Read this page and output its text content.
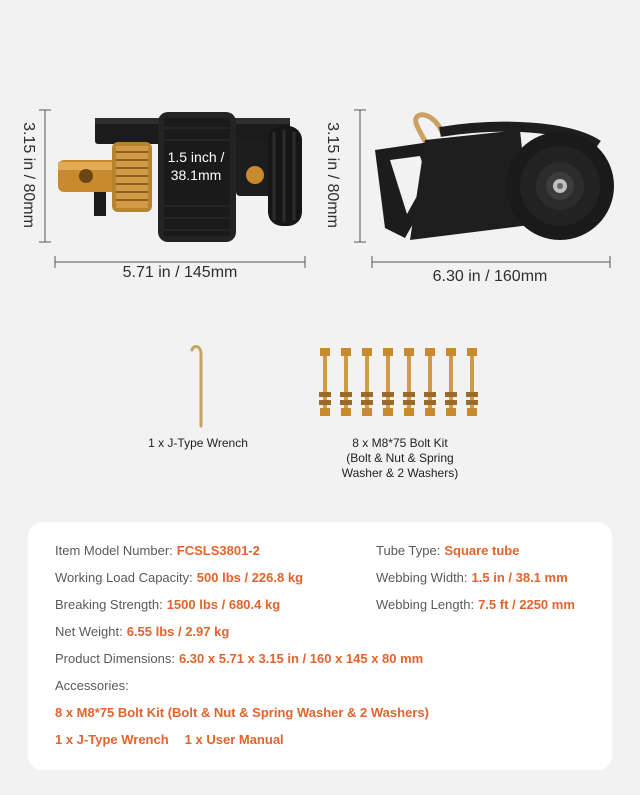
1.5 inch /
38.1mm
3.15 in / 80mm
5.71 in / 145mm
3.15 in / 80mm
6.30 in / 160mm
1 x J-Type Wrench	8 x M8*75 Bolt Kit
(Bolt & Nut & Spring
Washer & 2 Washers)
Item Model Number: FCSLS3801-2	Tube Type: Square tube
Working Load Capacity: 500 lbs / 226.8 kg	Webbing Width: 1.5 in / 38.1 mm
Breaking Strength: 1500 lbs / 680.4 kg	Webbing Length: 7.5 ft / 2250 mm
Net Weight: 6.55 lbs / 2.97 kg
Product Dimensions: 6.30 x 5.71 x 3.15 in / 160 x 145 x 80 mm
Accessories:
8 x M8*75 Bolt Kit (Bolt & Nut & Spring Washer & 2 Washers)
1 x J-Type Wrench 1 x User Manual
